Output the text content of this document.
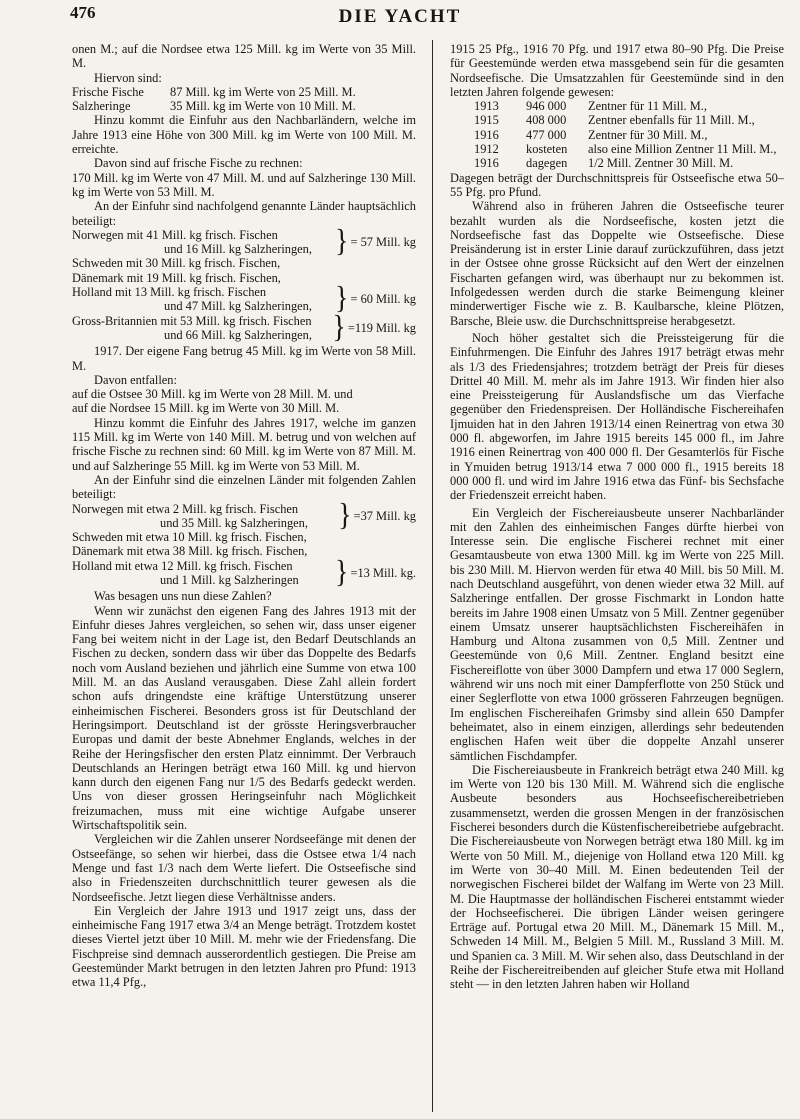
476	DIE YACHT

onen M.; auf die Nordsee etwa 125 Mill. kg im Werte von 35 Mill. M.

Hiervon sind:

Frische Fische	87 Mill. kg im Werte von 25 Mill. M.
Salzheringe	35 Mill. kg im Werte von 10 Mill. M.

Hinzu kommt die Einfuhr aus den Nachbarländern, welche im Jahre 1913 eine Höhe von 300 Mill. kg im Werte von 100 Mill. M. erreichte.

Davon sind auf frische Fische zu rechnen:

170 Mill. kg im Werte von 47 Mill. M. und auf Salzheringe 130 Mill. kg im Werte von 53 Mill. M.

An der Einfuhr sind nachfolgend genannte Länder hauptsächlich beteiligt:

Norwegen mit 41 Mill. kg frisch. Fischen
und 16 Mill. kg Salzheringen, } = 57 Mill. kg
Schweden mit 30 Mill. kg frisch. Fischen,
Dänemark mit 19 Mill. kg frisch. Fischen,
Holland mit 13 Mill. kg frisch. Fischen
und 47 Mill. kg Salzheringen, } = 60 Mill. kg
Gross-Britannien mit 53 Mill. kg frisch. Fischen
und 66 Mill. kg Salzheringen, } =119 Mill. kg

1917. Der eigene Fang betrug 45 Mill. kg im Werte von 58 Mill. M.

Davon entfallen:

auf die Ostsee 30 Mill. kg im Werte von 28 Mill. M. und
auf die Nordsee 15 Mill. kg im Werte von 30 Mill. M.

Hinzu kommt die Einfuhr des Jahres 1917, welche im ganzen 115 Mill. kg im Werte von 140 Mill. M. betrug und von welchen auf frische Fische zu rechnen sind: 60 Mill. kg im Werte von 87 Mill. M. und auf Salzheringe 55 Mill. kg im Werte von 53 Mill. M.

An der Einfuhr sind die einzelnen Länder mit folgenden Zahlen beteiligt:

Norwegen mit etwa 2 Mill. kg frisch. Fischen
und 35 Mill. kg Salzheringen,	} =37 Mill. kg
Schweden mit etwa 10 Mill. kg frisch. Fischen,
Dänemark mit etwa 38 Mill. kg frisch. Fischen,
Holland mit etwa 12 Mill. kg frisch. Fischen
und 1 Mill. kg Salzheringen	} =13 Mill. kg.

Was besagen uns nun diese Zahlen?

Wenn wir zunächst den eigenen Fang des Jahres 1913 mit der Einfuhr dieses Jahres vergleichen, so sehen wir, dass unser eigener Fang bei weitem nicht in der Lage ist, den Bedarf Deutschlands an Fischen zu decken, sondern dass wir über das Doppelte des Bedarfs noch vom Ausland beziehen und jährlich eine Summe von etwa 100 Mill. M. an das Ausland verausgaben. Diese Zahl allein fordert schon aufs dringendste eine kräftige Unterstützung unserer einheimischen Fischerei. Besonders gross ist für Deutschland der Heringsimport. Deutschland ist der grösste Heringsverbraucher Europas und damit der beste Abnehmer Englands, welches in der Reihe der Heringsfischer den ersten Platz einnimmt. Der Verbrauch Deutschlands an Heringen beträgt etwa 160 Mill. kg und hiervon kann durch den eigenen Fang nur 1/5 des Bedarfs gedeckt werden. Uns von dieser grossen Heringseinfuhr nach Möglichkeit freizumachen, muss mit eine wichtige Aufgabe unserer Wirtschaftspolitik sein.

Vergleichen wir die Zahlen unserer Nordseefänge mit denen der Ostseefänge, so sehen wir hierbei, dass die Ostsee etwa 1/4 nach Menge und fast 1/3 nach dem Werte liefert. Die Ostseefische sind also in Friedenszeiten durchschnittlich teurer gewesen als die Nordseefische. Jetzt liegen diese Verhältnisse anders.

Ein Vergleich der Jahre 1913 und 1917 zeigt uns, dass der einheimische Fang 1917 etwa 3/4 an Menge beträgt. Trotzdem kostet dieses Viertel jetzt über 10 Mill. M. mehr wie der Friedensfang. Die Fischpreise sind demnach ausserordentlich gestiegen. Die Preise am Geestemünder Markt betrugen in den letzten Jahren pro Pfund: 1913 etwa 11,4 Pfg.,

1915 25 Pfg., 1916 70 Pfg. und 1917 etwa 80–90 Pfg. Die Preise für Geestemünde werden etwa massgebend sein für die gesamten Nordseefische. Die Umsatzzahlen für Geestemünde sind in den letzten Jahren folgende gewesen:

1913 946 000 Zentner für 11 Mill. M.,
1915 408 000 Zentner ebenfalls für 11 Mill. M.,
1916 477 000 Zentner für 30 Mill. M.,
1912 kosteten also eine Million Zentner 11 Mill. M.,
1916 dagegen 1/2 Mill. Zentner 30 Mill. M.

Dagegen beträgt der Durchschnittspreis für Ostseefische etwa 50–55 Pfg. pro Pfund.

Während also in früheren Jahren die Ostseefische teurer bezahlt wurden als die Nordseefische, kosten jetzt die Nordseefische fast das Doppelte wie Ostseefische. Diese Preisänderung ist in erster Linie darauf zurückzuführen, dass jetzt in der Ostsee ohne grosse Rücksicht auf den Wert der einzelnen Fischarten gefangen wird, was überhaupt nur zu bekommen ist. Infolgedessen werden durch die starke Beimengung kleiner minderwertiger Fische wie z. B. Kaulbarsche, kleine Plötzen, Barsche, Bleie usw. die Durchschnittspreise herabgesetzt.

Noch höher gestaltet sich die Preissteigerung für die Einfuhrmengen. Die Einfuhr des Jahres 1917 beträgt etwas mehr als 1/3 des Friedensjahres; trotzdem beträgt der Preis für dieses Drittel 40 Mill. M. mehr als im Jahre 1913. Wir finden hier also eine Preissteigerung für Auslandsfische um das Vierfache gegenüber den Friedenspreisen. Der Holländische Fischereihafen Ijmuiden hat in den Jahren 1913/14 einen Reinertrag von etwa 30 000 fl. abgeworfen, im Jahre 1915 bereits 145 000 fl., im Jahre 1916 einen Reinertrag von 400 000 fl. Der Gesamterlös für Fische in Ymuiden betrug 1913/14 etwa 7 000 000 fl., 1915 bereits 18 000 000 fl. und wird im Jahre 1916 etwa das Fünf- bis Sechsfache der Friedenszeit erreicht haben.

Ein Vergleich der Fischereiausbeute unserer Nachbarländer mit den Zahlen des einheimischen Fanges dürfte hierbei von Interesse sein. Die englische Fischerei rechnet mit einer Gesamtausbeute von etwa 1300 Mill. kg im Werte von 225 Mill. bis 230 Mill. M. Hiervon werden für etwa 40 Mill. bis 50 Mill. M. nach Deutschland ausgeführt, von denen wieder etwa 32 Mill. auf Salzheringe entfallen. Der grosse Fischmarkt in London hatte bereits im Jahre 1908 einen Umsatz von 5 Mill. Zentner gegenüber einem Umsatz unserer hauptsächlichsten Fischereihäfen in Hamburg und Altona zusammen von 0,5 Mill. Zentner und Geestemünde von 0,6 Mill. Zentner. England besitzt eine Fischereiflotte von über 3000 Dampfern und etwa 17 000 Seglern, während wir uns noch mit einer Dampferflotte von 250 Stück und einer Seglerflotte von etwa 1000 grösseren Fahrzeugen begnügen. Im englischen Fischereihafen Grimsby sind allein 650 Dampfer beheimatet, also in einem einzigen, allerdings sehr bedeutenden englischen Hafen weit über die doppelte Anzahl unserer sämtlichen Fischdampfer.

Die Fischereiausbeute in Frankreich beträgt etwa 240 Mill. kg im Werte von 120 bis 130 Mill. M. Während sich die englische Ausbeute besonders aus Hochseefischereibetrieben zusammensetzt, werden die grossen Mengen in der französischen Fischerei besonders durch die Küstenfischereibetriebe aufgebracht. Die Fischereiausbeute von Norwegen beträgt etwa 180 Mill. kg im Werte von 50 Mill. M., diejenige von Holland etwa 120 Mill. kg im Werte von 30–40 Mill. M. Einen bedeutenden Teil der norwegischen Fischerei bildet der Walfang im Werte von 23 Mill. M. Die Hauptmasse der holländischen Fischerei entstammt wieder der Hochseefischerei. Die übrigen Länder weisen geringere Erträge auf. Portugal etwa 20 Mill. M., Dänemark 15 Mill. M., Schweden 14 Mill. M., Belgien 5 Mill. M., Russland 3 Mill. M. und Spanien ca. 3 Mill. M. Wir sehen also, dass Deutschland in der Reihe der Fischereitreibenden auf gleicher Stufe etwa mit Holland steht — in den letzten Jahren haben wir Holland
